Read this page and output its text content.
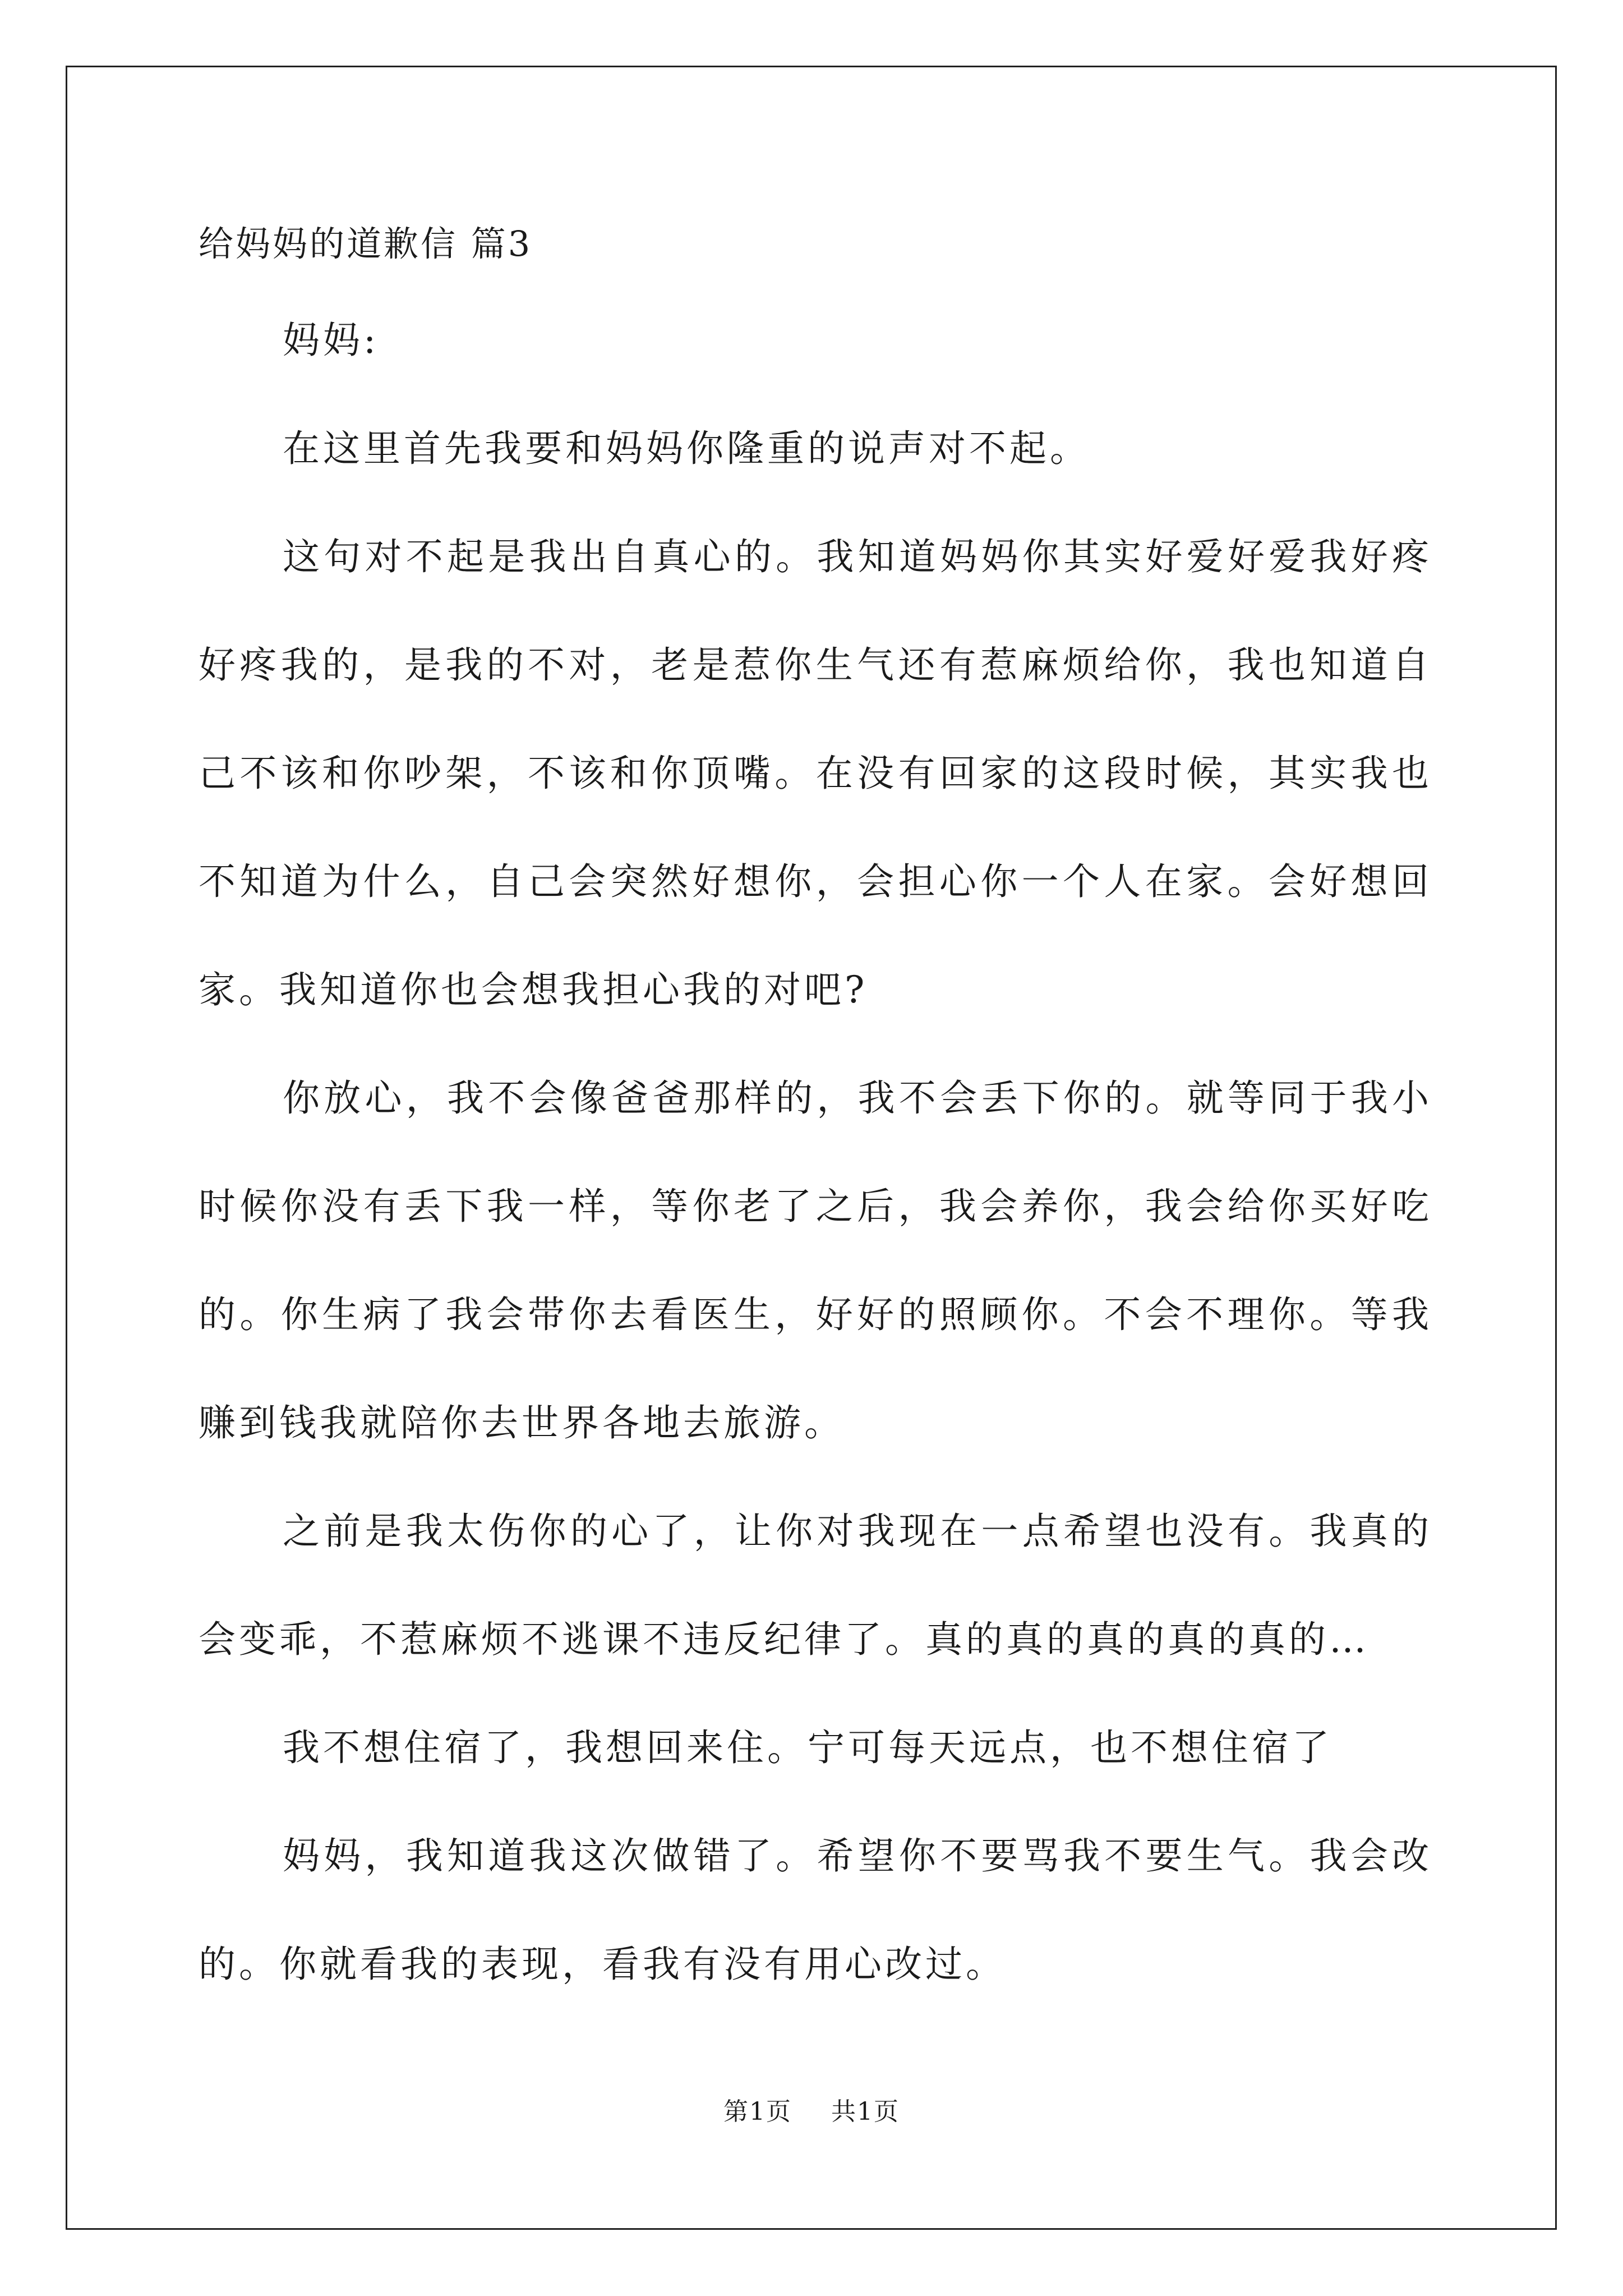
给妈妈的道歉信 篇3

妈妈:

在这里首先我要和妈妈你隆重的说声对不起。

这句对不起是我出自真心的。我知道妈妈你其实好爱好爱我好疼好疼我的，是我的不对，老是惹你生气还有惹麻烦给你，我也知道自己不该和你吵架，不该和你顶嘴。在没有回家的这段时候，其实我也不知道为什么，自己会突然好想你，会担心你一个人在家。会好想回家。我知道你也会想我担心我的对吧?

你放心，我不会像爸爸那样的，我不会丢下你的。就等同于我小时候你没有丢下我一样，等你老了之后，我会养你，我会给你买好吃的。你生病了我会带你去看医生，好好的照顾你。不会不理你。等我赚到钱我就陪你去世界各地去旅游。

之前是我太伤你的心了，让你对我现在一点希望也没有。我真的会变乖，不惹麻烦不逃课不违反纪律了。真的真的真的真的真的…

我不想住宿了，我想回来住。宁可每天远点，也不想住宿了

妈妈，我知道我这次做错了。希望你不要骂我不要生气。我会改的。你就看我的表现，看我有没有用心改过。

第1页 共1页
